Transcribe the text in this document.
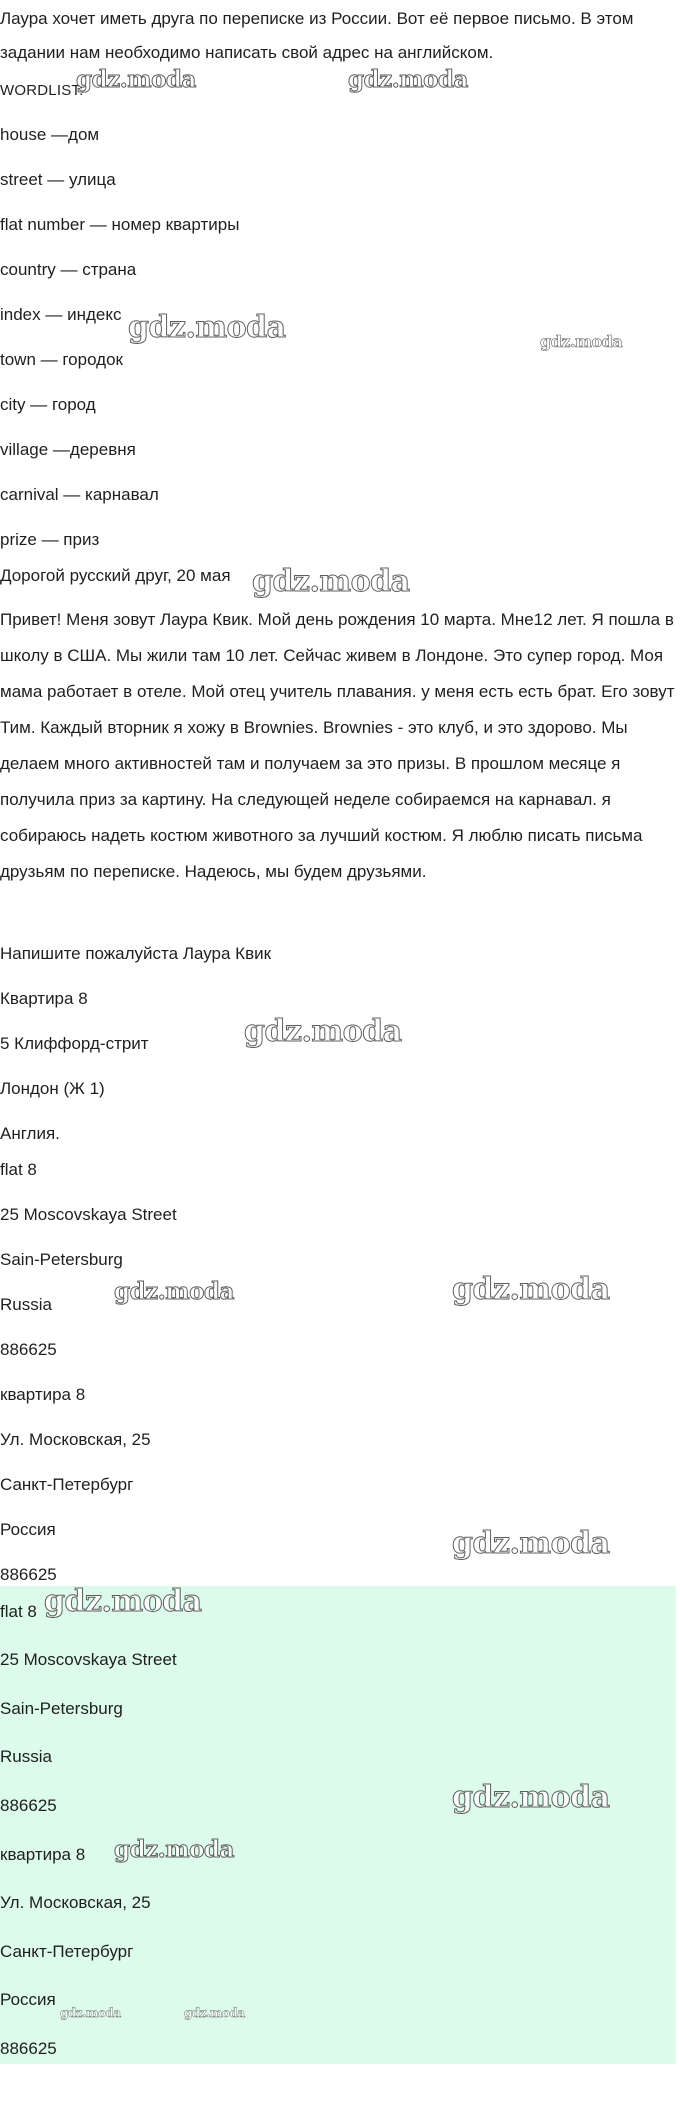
Лаура хочет иметь друга по переписке из России. Вот её первое письмо. В этом задании нам необходимо написать свой адрес на английском.
WORDLIST:
house —дом
street — улица
flat number — номер квартиры
country — страна
index — индекс
town — городок
city — город
village —деревня
carnival — карнавал
prize — приз
Дорогой русский друг, 20 мая
Привет! Меня зовут Лаура Квик. Мой день рождения 10 марта. Мне12 лет. Я пошла в школу в США. Мы жили там 10 лет. Сейчас живем в Лондоне. Это супер город. Моя мама работает в отеле. Мой отец учитель плавания. у меня есть есть брат. Его зовут Тим. Каждый вторник я хожу в Brownies. Brownies - это клуб, и это здорово. Мы делаем много активностей там и получаем за это призы. В прошлом месяце я получила приз за картину. На следующей неделе собираемся на карнавал. я собираюсь надеть костюм животного за лучший костюм. Я люблю писать письма друзьям по переписке. Надеюсь, мы будем друзьями.
Напишите пожалуйста Лаура Квик
Квартира 8
5 Клиффорд-стрит
Лондон (Ж 1)
Англия.
flat 8
25 Moscovskaya Street
Sain-Petersburg
Russia
886625
квартира 8
Ул. Московская, 25
Санкт-Петербург
Россия
886625
flat 8
25 Moscovskaya Street
Sain-Petersburg
Russia
886625
квартира 8
Ул. Московская, 25
Санкт-Петербург
Россия
886625
gdz.moda	gdz.moda
gdz.moda	gdz.moda
gdz.moda
gdz.moda
gdz.moda	gdz.moda
gdz.moda
gdz.moda
gdz.moda
gdz.moda
gdz.moda	gdz.moda
